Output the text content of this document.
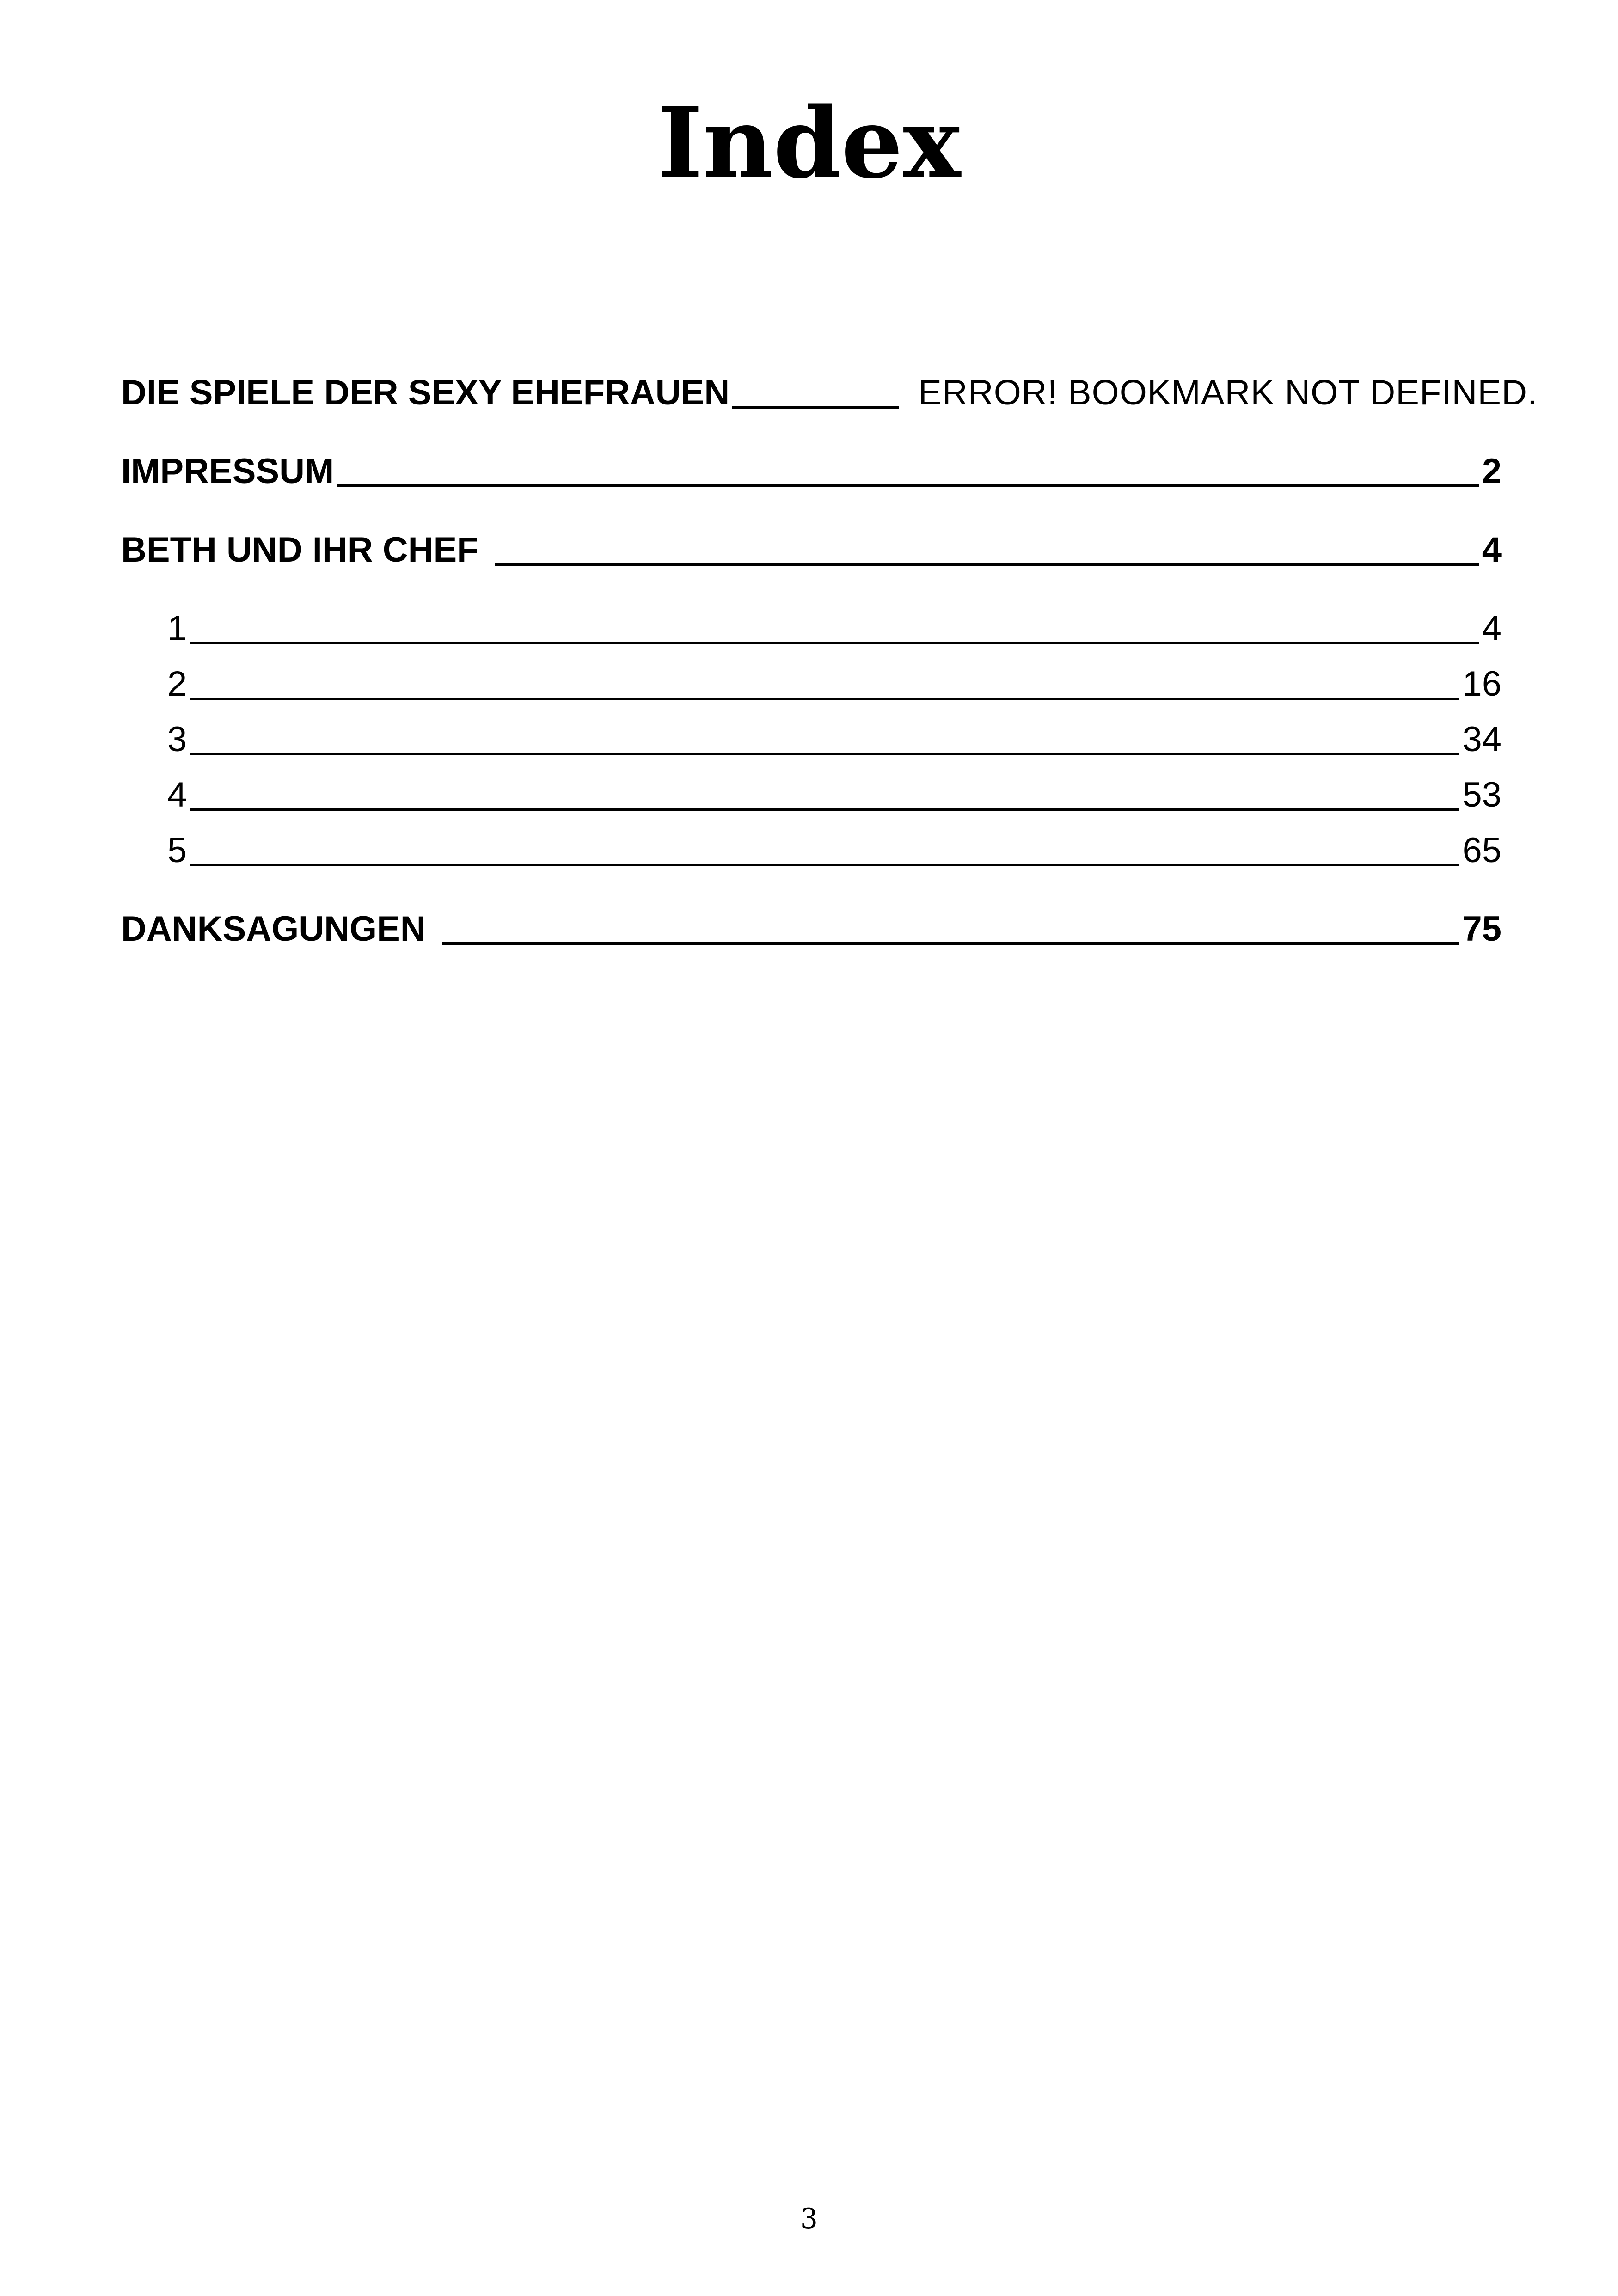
Index
DIE SPIELE DER SEXY EHEFRAUEN	ERROR! BOOKMARK NOT DEFINED.
IMPRESSUM	2
BETH UND IHR CHEF	4
1	4
2	16
3	34
4	53
5	65
DANKSAGUNGEN	75
3
